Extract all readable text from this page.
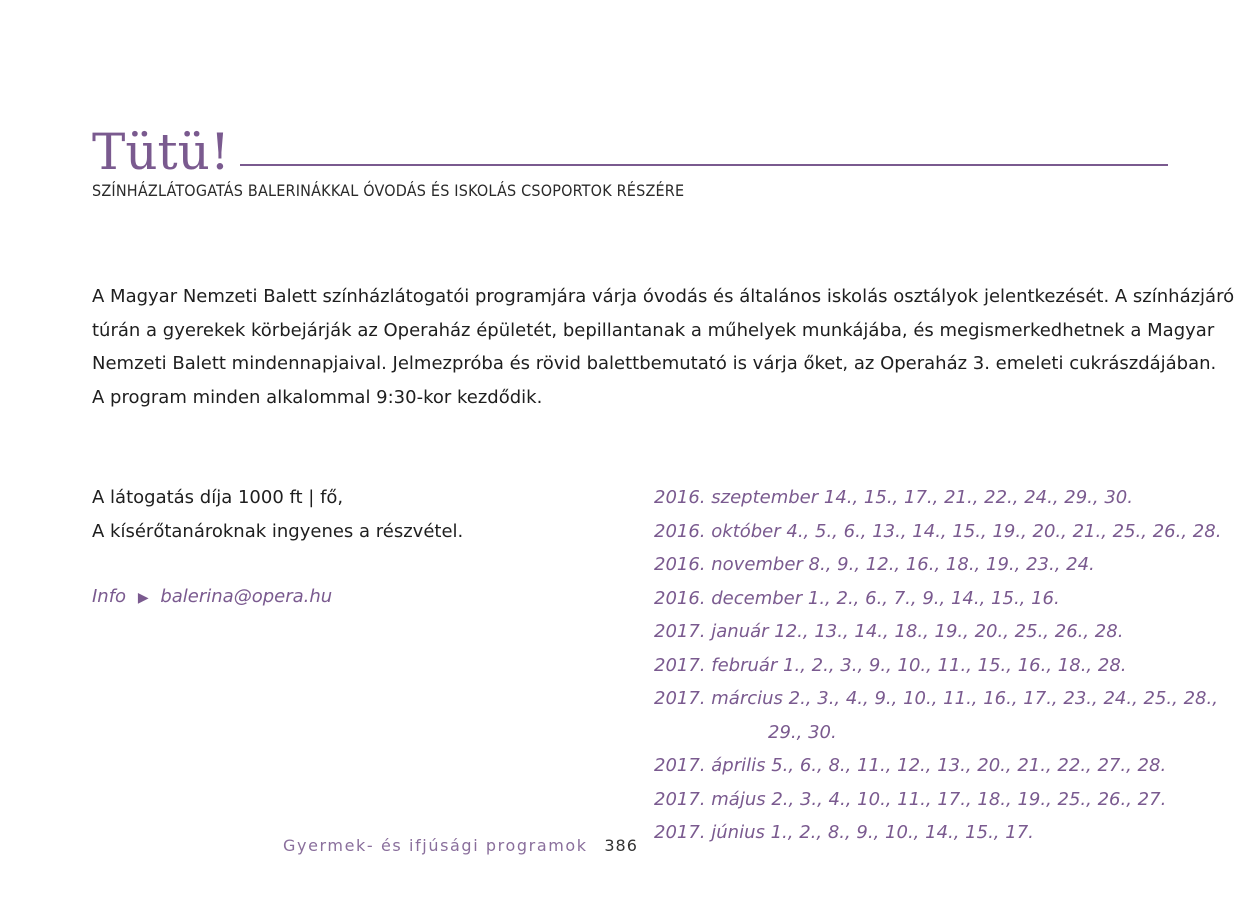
Tütü!
SZÍNHÁZLÁTOGATÁS BALERINÁKKAL ÓVODÁS ÉS ISKOLÁS CSOPORTOK RÉSZÉRE
A Magyar Nemzeti Balett színházlátogatói programjára várja óvodás és általános iskolás osztályok jelentkezését. A színházjáró
túrán a gyerekek körbejárják az Operaház épületét, bepillantanak a műhelyek munkájába, és megismerkedhetnek a Magyar
Nemzeti Balett mindennapjaival. Jelmezpróba és rövid balettbemutató is várja őket, az Operaház 3. emeleti cukrászdájában.
A program minden alkalommal 9:30-kor kezdődik.
A látogatás díja 1000 ft | fő,
A kísérőtanároknak ingyenes a részvétel.
Info ▶ balerina@opera.hu
2016. szeptember 14., 15., 17., 21., 22., 24., 29., 30.
2016. október 4., 5., 6., 13., 14., 15., 19., 20., 21., 25., 26., 28.
2016. november 8., 9., 12., 16., 18., 19., 23., 24.
2016. december 1., 2., 6., 7., 9., 14., 15., 16.
2017. január 12., 13., 14., 18., 19., 20., 25., 26., 28.
2017. február 1., 2., 3., 9., 10., 11., 15., 16., 18., 28.
2017. március 2., 3., 4., 9., 10., 11., 16., 17., 23., 24., 25., 28.,
29., 30.
2017. április 5., 6., 8., 11., 12., 13., 20., 21., 22., 27., 28.
2017. május 2., 3., 4., 10., 11., 17., 18., 19., 25., 26., 27.
2017. június 1., 2., 8., 9., 10., 14., 15., 17.
Gyermek- és ifjúsági programok 386
